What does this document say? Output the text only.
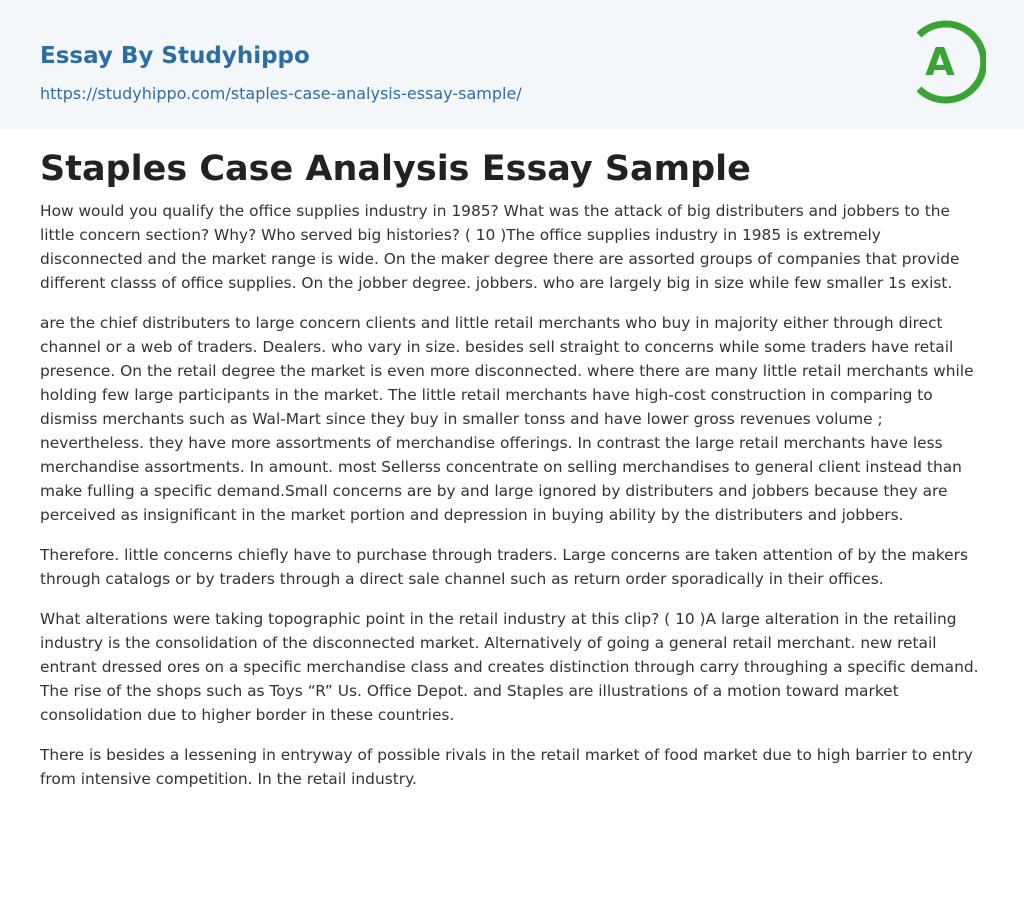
Essay By Studyhippo
https://studyhippo.com/staples-case-analysis-essay-sample/
A
Staples Case Analysis Essay Sample

How would you qualify the office supplies industry in 1985? What was the attack of big distributers and jobbers to the little concern section? Why? Who served big histories? ( 10 )The office supplies industry in 1985 is extremely disconnected and the market range is wide. On the maker degree there are assorted groups of companies that provide different classs of office supplies. On the jobber degree. jobbers. who are largely big in size while few smaller 1s exist.

are the chief distributers to large concern clients and little retail merchants who buy in majority either through direct channel or a web of traders. Dealers. who vary in size. besides sell straight to concerns while some traders have retail presence. On the retail degree the market is even more disconnected. where there are many little retail merchants while holding few large participants in the market. The little retail merchants have high-cost construction in comparing to dismiss merchants such as Wal-Mart since they buy in smaller tonss and have lower gross revenues volume ; nevertheless. they have more assortments of merchandise offerings. In contrast the large retail merchants have less merchandise assortments. In amount. most Sellerss concentrate on selling merchandises to general client instead than make fulling a specific demand.Small concerns are by and large ignored by distributers and jobbers because they are perceived as insignificant in the market portion and depression in buying ability by the distributers and jobbers.

Therefore. little concerns chiefly have to purchase through traders. Large concerns are taken attention of by the makers through catalogs or by traders through a direct sale channel such as return order sporadically in their offices.

What alterations were taking topographic point in the retail industry at this clip? ( 10 )A large alteration in the retailing industry is the consolidation of the disconnected market. Alternatively of going a general retail merchant. new retail entrant dressed ores on a specific merchandise class and creates distinction through carry throughing a specific demand. The rise of the shops such as Toys “R” Us. Office Depot. and Staples are illustrations of a motion toward market consolidation due to higher border in these countries.

There is besides a lessening in entryway of possible rivals in the retail market of food market due to high barrier to entry from intensive competition. In the retail industry.
